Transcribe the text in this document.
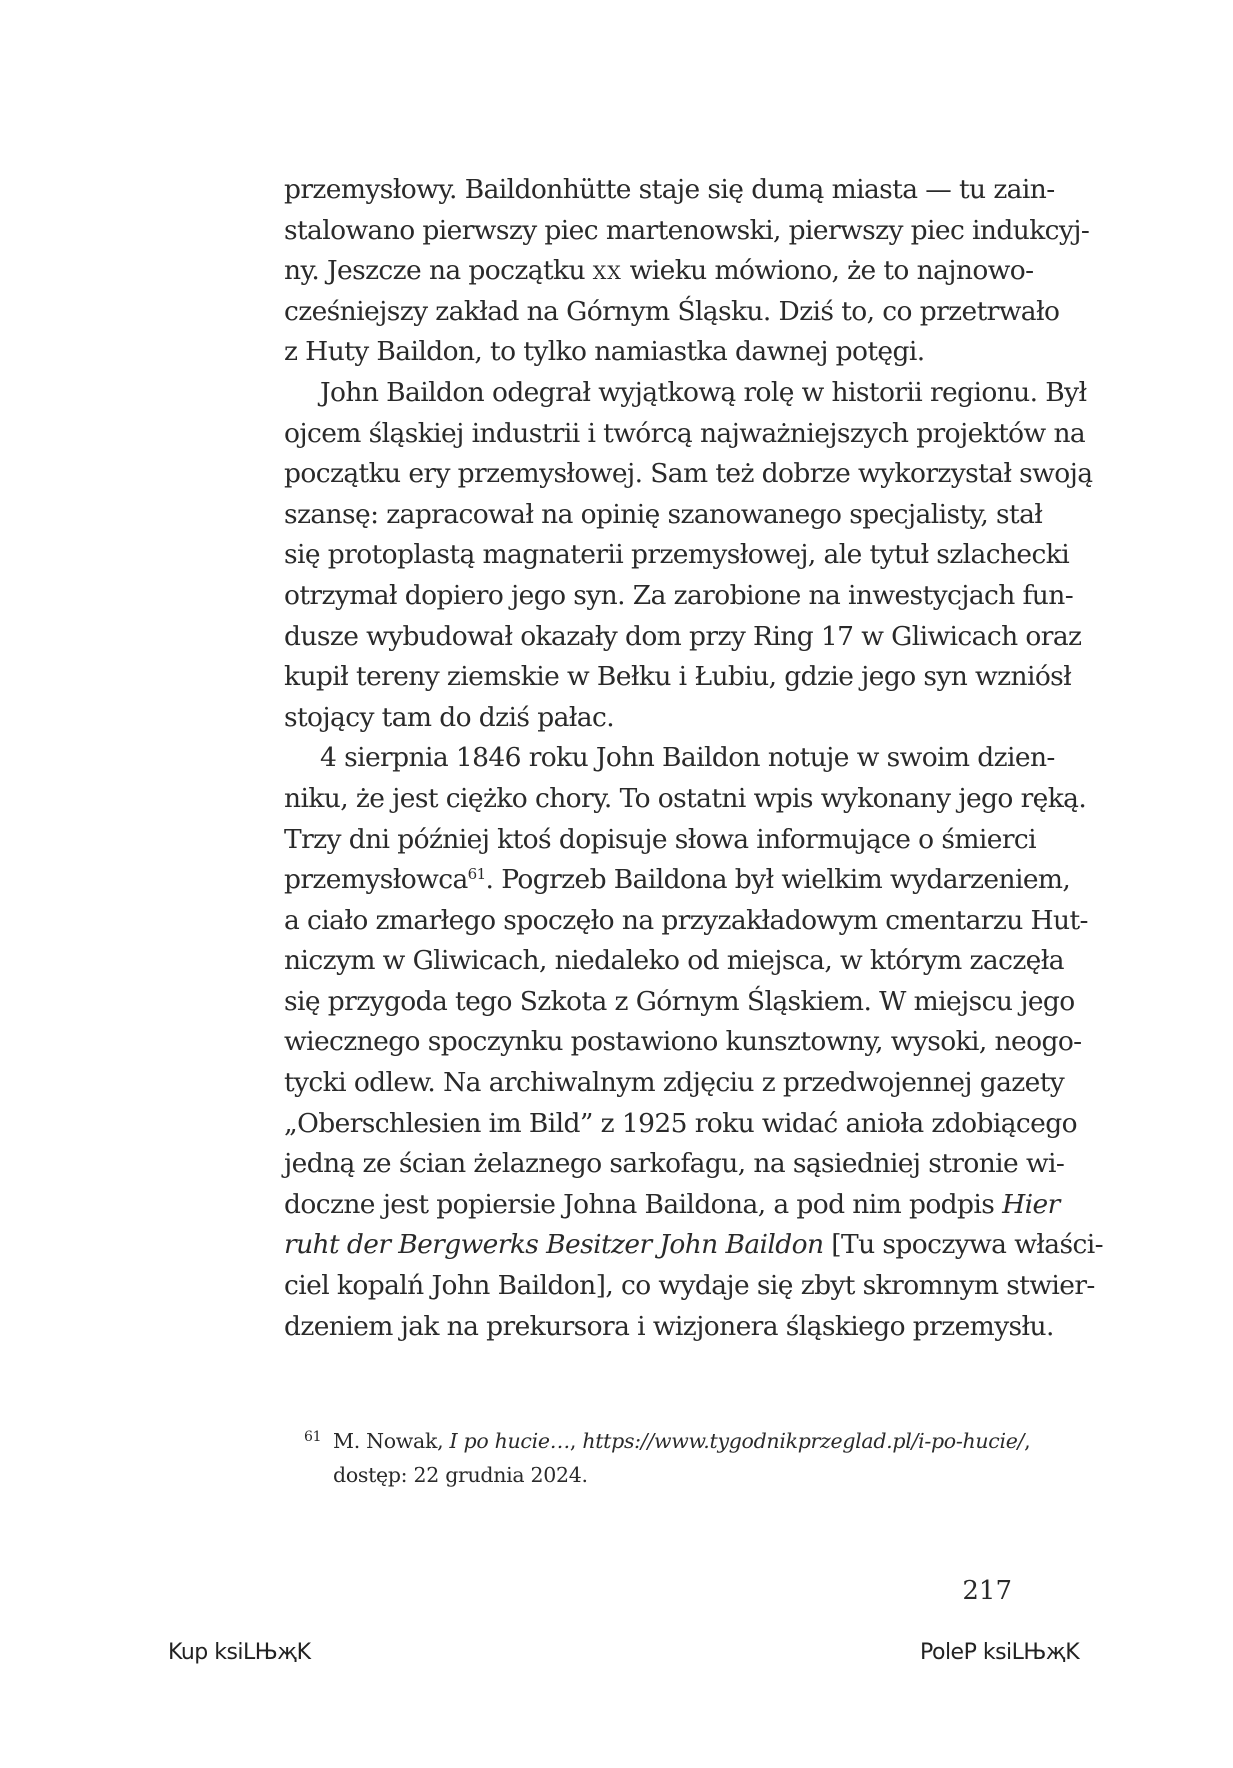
przemysłowy. Baildonhütte staje się dumą miasta — tu zain-
stalowano pierwszy piec martenowski, pierwszy piec indukcyj-
ny. Jeszcze na początku xx wieku mówiono, że to najnowo-
cześniejszy zakład na Górnym Śląsku. Dziś to, co przetrwało
z Huty Baildon, to tylko namiastka dawnej potęgi.
John Baildon odegrał wyjątkową rolę w historii regionu. Był
ojcem śląskiej industrii i twórcą najważniejszych projektów na
początku ery przemysłowej. Sam też dobrze wykorzystał swoją
szansę: zapracował na opinię szanowanego specjalisty, stał
się protoplastą magnaterii przemysłowej, ale tytuł szlachecki
otrzymał dopiero jego syn. Za zarobione na inwestycjach fun-
dusze wybudował okazały dom przy Ring 17 w Gliwicach oraz
kupił tereny ziemskie w Bełku i Łubiu, gdzie jego syn wzniósł
stojący tam do dziś pałac.
4 sierpnia 1846 roku John Baildon notuje w swoim dzien-
niku, że jest ciężko chory. To ostatni wpis wykonany jego ręką.
Trzy dni później ktoś dopisuje słowa informujące o śmierci
przemysłowca$^{61}$. Pogrzeb Baildona był wielkim wydarzeniem,
a ciało zmarłego spoczęło na przyzakładowym cmentarzu Hut-
niczym w Gliwicach, niedaleko od miejsca, w którym zaczęła
się przygoda tego Szkota z Górnym Śląskiem. W miejscu jego
wiecznego spoczynku postawiono kunsztowny, wysoki, neogo-
tycki odlew. Na archiwalnym zdjęciu z przedwojennej gazety
„Oberschlesien im Bild” z 1925 roku widać anioła zdobiącego
jedną ze ścian żelaznego sarkofagu, na sąsiedniej stronie wi-
doczne jest popiersie Johna Baildona, a pod nim podpis Hier
ruht der Bergwerks Besitzer John Baildon [Tu spoczywa właści-
ciel kopalń John Baildon], co wydaje się zbyt skromnym stwier-
dzeniem jak na prekursora i wizjonera śląskiego przemysłu.
61 M. Nowak, I po hucie…, https://www.tygodnikprzeglad.pl/i-po-hucie/,
dostęp: 22 grudnia 2024.
217
Kup ksiLЊҗK	PoleP ksiLЊҗK
